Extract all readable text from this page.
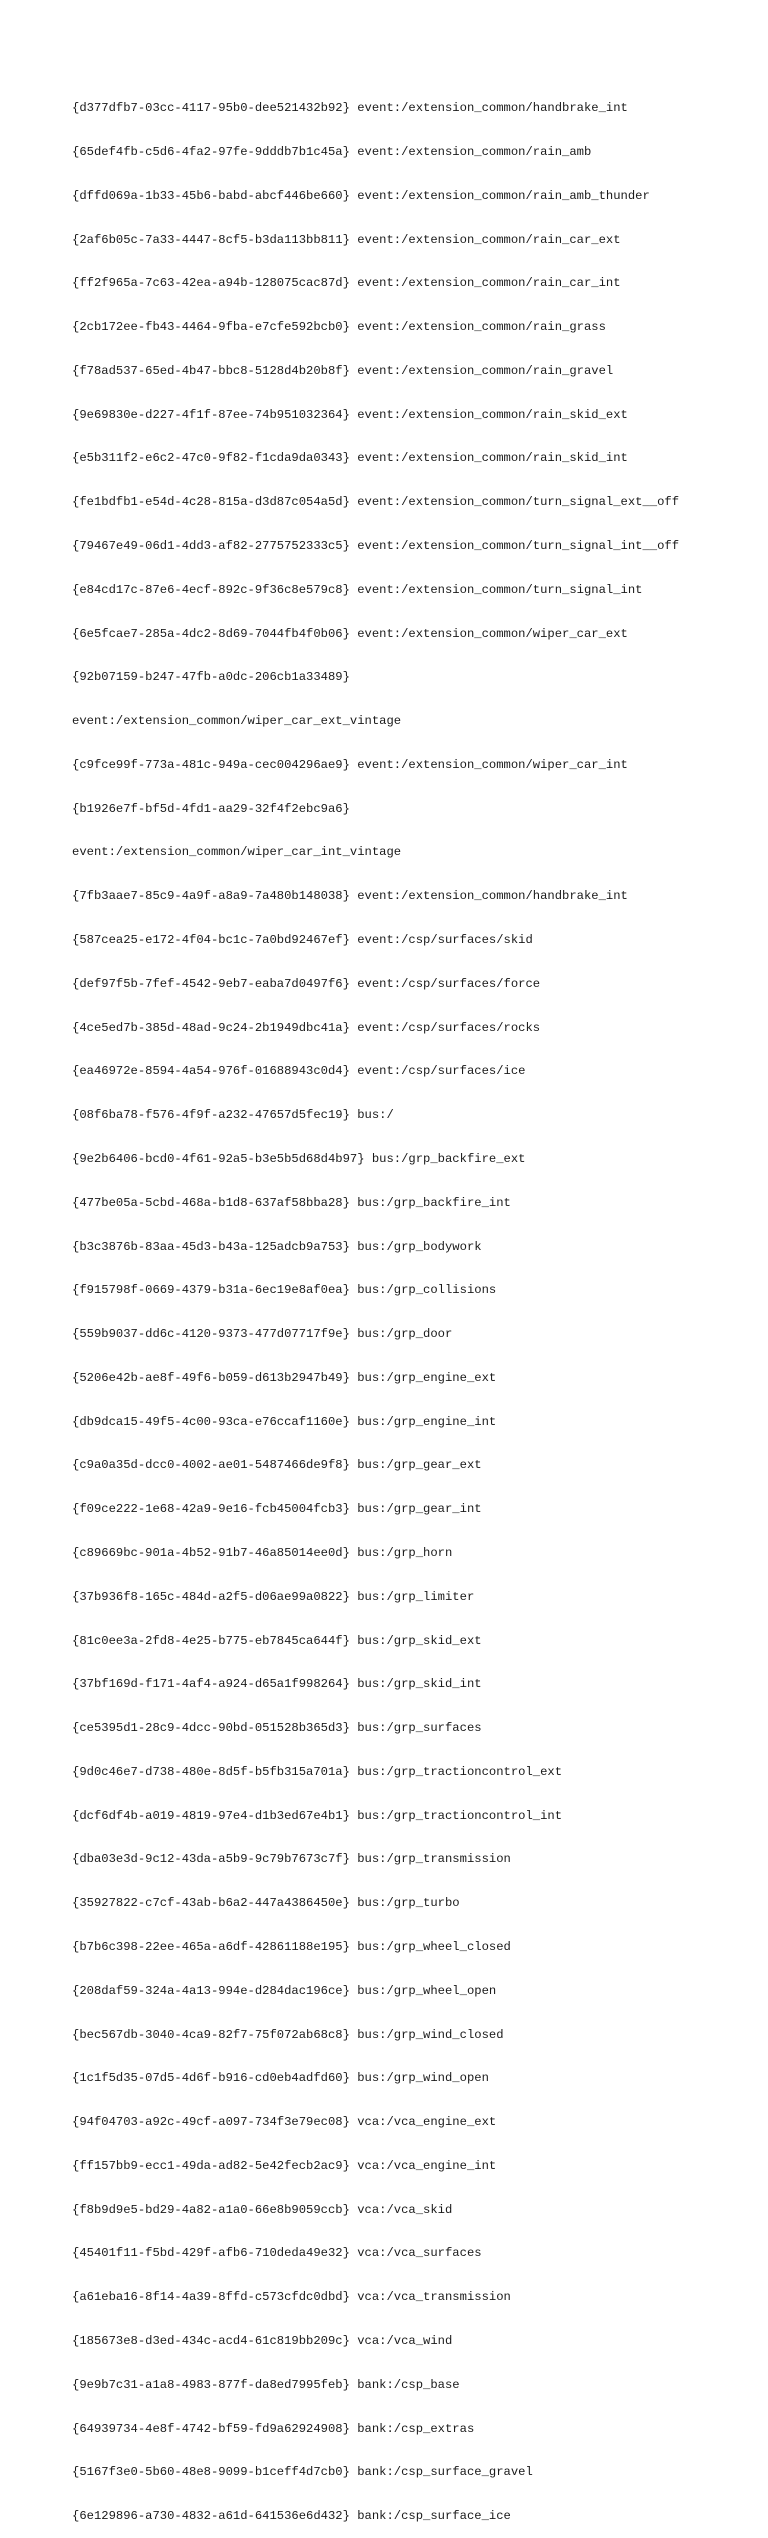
{d377dfb7-03cc-4117-95b0-dee521432b92} event:/extension_common/handbrake_int

{65def4fb-c5d6-4fa2-97fe-9dddb7b1c45a} event:/extension_common/rain_amb

{dffd069a-1b33-45b6-babd-abcf446be660} event:/extension_common/rain_amb_thunder

{2af6b05c-7a33-4447-8cf5-b3da113bb811} event:/extension_common/rain_car_ext

{ff2f965a-7c63-42ea-a94b-128075cac87d} event:/extension_common/rain_car_int

{2cb172ee-fb43-4464-9fba-e7cfe592bcb0} event:/extension_common/rain_grass

{f78ad537-65ed-4b47-bbc8-5128d4b20b8f} event:/extension_common/rain_gravel

{9e69830e-d227-4f1f-87ee-74b951032364} event:/extension_common/rain_skid_ext

{e5b311f2-e6c2-47c0-9f82-f1cda9da0343} event:/extension_common/rain_skid_int

{fe1bdfb1-e54d-4c28-815a-d3d87c054a5d} event:/extension_common/turn_signal_ext__off

{79467e49-06d1-4dd3-af82-2775752333c5} event:/extension_common/turn_signal_int__off

{e84cd17c-87e6-4ecf-892c-9f36c8e579c8} event:/extension_common/turn_signal_int

{6e5fcae7-285a-4dc2-8d69-7044fb4f0b06} event:/extension_common/wiper_car_ext

{92b07159-b247-47fb-a0dc-206cb1a33489}

event:/extension_common/wiper_car_ext_vintage

{c9fce99f-773a-481c-949a-cec004296ae9} event:/extension_common/wiper_car_int

{b1926e7f-bf5d-4fd1-aa29-32f4f2ebc9a6}

event:/extension_common/wiper_car_int_vintage

{7fb3aae7-85c9-4a9f-a8a9-7a480b148038} event:/extension_common/handbrake_int

{587cea25-e172-4f04-bc1c-7a0bd92467ef} event:/csp/surfaces/skid

{def97f5b-7fef-4542-9eb7-eaba7d0497f6} event:/csp/surfaces/force

{4ce5ed7b-385d-48ad-9c24-2b1949dbc41a} event:/csp/surfaces/rocks

{ea46972e-8594-4a54-976f-01688943c0d4} event:/csp/surfaces/ice

{08f6ba78-f576-4f9f-a232-47657d5fec19} bus:/

{9e2b6406-bcd0-4f61-92a5-b3e5b5d68d4b97} bus:/grp_backfire_ext

{477be05a-5cbd-468a-b1d8-637af58bba28} bus:/grp_backfire_int

{b3c3876b-83aa-45d3-b43a-125adcb9a753} bus:/grp_bodywork

{f915798f-0669-4379-b31a-6ec19e8af0ea} bus:/grp_collisions

{559b9037-dd6c-4120-9373-477d07717f9e} bus:/grp_door

{5206e42b-ae8f-49f6-b059-d613b2947b49} bus:/grp_engine_ext

{db9dca15-49f5-4c00-93ca-e76ccaf1160e} bus:/grp_engine_int

{c9a0a35d-dcc0-4002-ae01-5487466de9f8} bus:/grp_gear_ext

{f09ce222-1e68-42a9-9e16-fcb45004fcb3} bus:/grp_gear_int

{c89669bc-901a-4b52-91b7-46a85014ee0d} bus:/grp_horn

{37b936f8-165c-484d-a2f5-d06ae99a0822} bus:/grp_limiter

{81c0ee3a-2fd8-4e25-b775-eb7845ca644f} bus:/grp_skid_ext

{37bf169d-f171-4af4-a924-d65a1f998264} bus:/grp_skid_int

{ce5395d1-28c9-4dcc-90bd-051528b365d3} bus:/grp_surfaces

{9d0c46e7-d738-480e-8d5f-b5fb315a701a} bus:/grp_tractioncontrol_ext

{dcf6df4b-a019-4819-97e4-d1b3ed67e4b1} bus:/grp_tractioncontrol_int

{dba03e3d-9c12-43da-a5b9-9c79b7673c7f} bus:/grp_transmission

{35927822-c7cf-43ab-b6a2-447a4386450e} bus:/grp_turbo

{b7b6c398-22ee-465a-a6df-42861188e195} bus:/grp_wheel_closed

{208daf59-324a-4a13-994e-d284dac196ce} bus:/grp_wheel_open

{bec567db-3040-4ca9-82f7-75f072ab68c8} bus:/grp_wind_closed

{1c1f5d35-07d5-4d6f-b916-cd0eb4adfd60} bus:/grp_wind_open

{94f04703-a92c-49cf-a097-734f3e79ec08} vca:/vca_engine_ext

{ff157bb9-ecc1-49da-ad82-5e42fecb2ac9} vca:/vca_engine_int

{f8b9d9e5-bd29-4a82-a1a0-66e8b9059ccb} vca:/vca_skid

{45401f11-f5bd-429f-afb6-710deda49e32} vca:/vca_surfaces

{a61eba16-8f14-4a39-8ffd-c573cfdc0dbd} vca:/vca_transmission

{185673e8-d3ed-434c-acd4-61c819bb209c} vca:/vca_wind

{9e9b7c31-a1a8-4983-877f-da8ed7995feb} bank:/csp_base

{64939734-4e8f-4742-bf59-fd9a62924908} bank:/csp_extras

{5167f3e0-5b60-48e8-9099-b1ceff4d7cb0} bank:/csp_surface_gravel

{6e129896-a730-4832-a61d-641536e6d432} bank:/csp_surface_ice
